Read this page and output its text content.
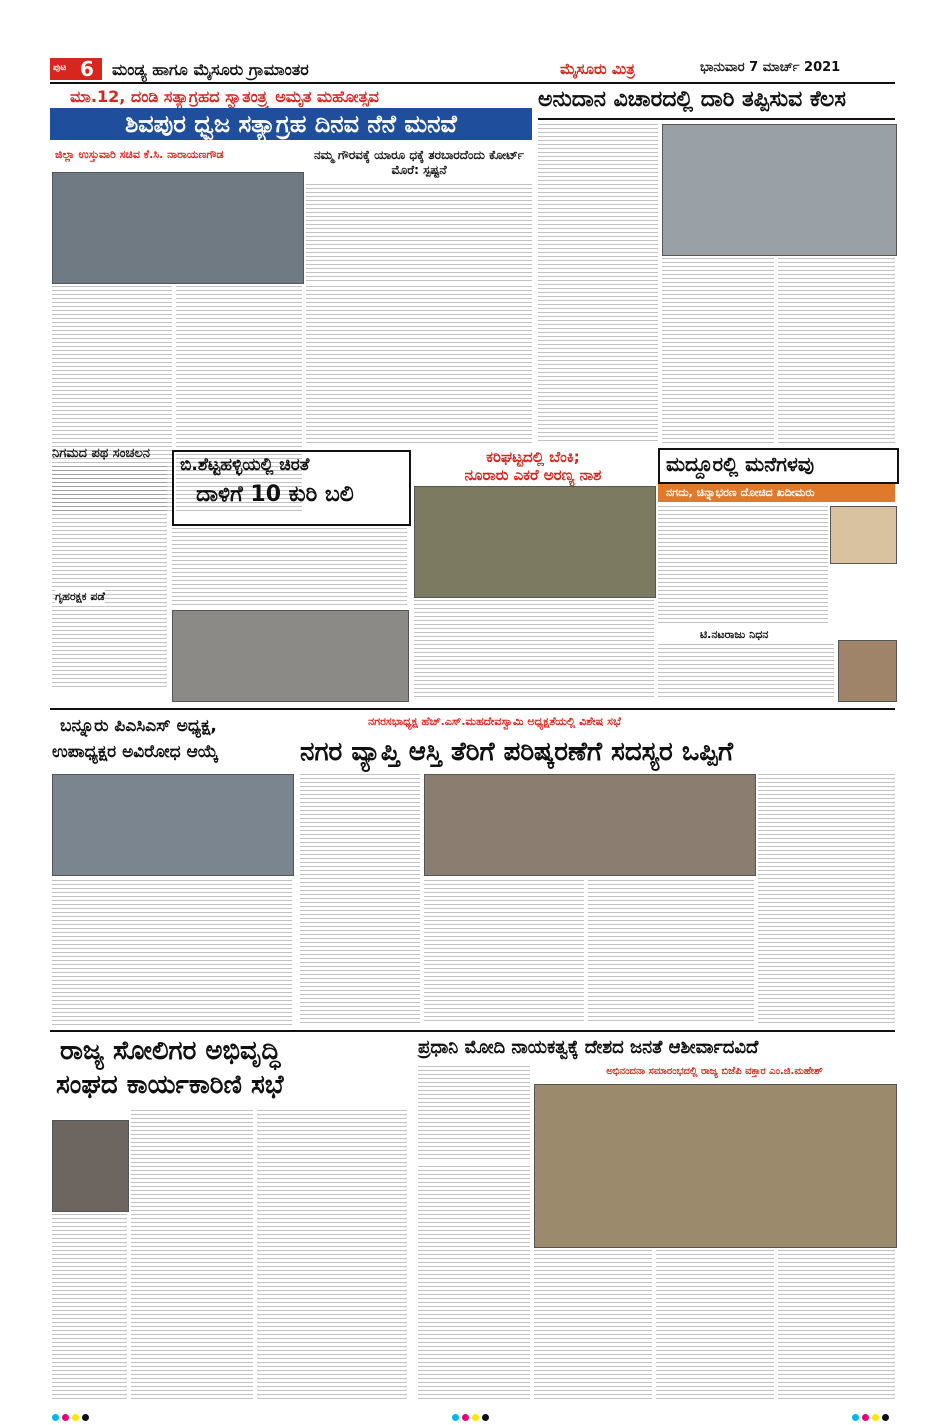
ಪುಟ 6 ಮಂಡ್ಯ ಹಾಗೂ ಮೈಸೂರು ಗ್ರಾಮಾಂತರ	ಮೈಸೂರು ಮಿತ್ರ	ಭಾನುವಾರ 7 ಮಾರ್ಚ್ 2021
ಮಾ.12, ದಂಡಿ ಸತ್ಯಾಗ್ರಹದ ಸ್ವಾತಂತ್ರ್ಯ ಅಮೃತ ಮಹೋತ್ಸವ
ಶಿವಪುರ ಧ್ವಜ ಸತ್ಯಾಗ್ರಹ ದಿನವ ನೆನೆ ಮನವೆ
ಜಿಲ್ಲಾ ಉಸ್ತುವಾರಿ ಸಚಿವ ಕೆ.ಸಿ. ನಾರಾಯಣಗೌಡ	ನಮ್ಮ ಗೌರವಕ್ಕೆ ಯಾರೂ ಧಕ್ಕೆ ತರಬಾರದೆಂದು ಕೋರ್ಟ್ ಮೊರೆ: ಸ್ಪಷ್ಟನೆ
ಅನುದಾನ ವಿಚಾರದಲ್ಲಿ ದಾರಿ ತಪ್ಪಿಸುವ ಕೆಲಸ
ನಿಗಮದ ಪಥ ಸಂಚಲನ
ಗೃಹರಕ್ಷಕ ಪಡೆ
ಬಿ.ಶೆಟ್ಟಹಳ್ಳಿಯಲ್ಲಿ ಚಿರತೆ
ದಾಳಿಗೆ 10 ಕುರಿ ಬಲಿ
ಕರಿಘಟ್ಟದಲ್ಲಿ ಬೆಂಕಿ;
ನೂರಾರು ಎಕರೆ ಅರಣ್ಯ ನಾಶ	ಮದ್ದೂರಲ್ಲಿ ಮನೆಗಳವು
ನಗದು, ಚಿನ್ನಾಭರಣ ದೋಚಿದ ಖದೀಮರು
ಟಿ.ನಟರಾಜು ನಿಧನ
ಬನ್ನೂರು ಪಿಎಸಿಎಸ್ ಅಧ್ಯಕ್ಷ,
ಉಪಾಧ್ಯಕ್ಷರ ಅವಿರೋಧ ಆಯ್ಕೆ
ನಗರಸಭಾಧ್ಯಕ್ಷ ಹೆಚ್.ಎಸ್.ಮಹದೇವಸ್ವಾಮಿ ಅಧ್ಯಕ್ಷತೆಯಲ್ಲಿ ವಿಶೇಷ ಸಭೆ
ನಗರ ವ್ಯಾಪ್ತಿ ಆಸ್ತಿ ತೆರಿಗೆ ಪರಿಷ್ಕರಣೆಗೆ ಸದಸ್ಯರ ಒಪ್ಪಿಗೆ
ರಾಜ್ಯ ಸೋಲಿಗರ ಅಭಿವೃದ್ಧಿ
ಸಂಘದ ಕಾರ್ಯಕಾರಿಣಿ ಸಭೆ
ಪ್ರಧಾನಿ ಮೋದಿ ನಾಯಕತ್ವಕ್ಕೆ ದೇಶದ ಜನತೆ ಆಶೀರ್ವಾದವಿದೆ
ಅಭಿನಂದನಾ ಸಮಾರಂಭದಲ್ಲಿ ರಾಜ್ಯ ಬಿಜೆಪಿ ವಕ್ತಾರ ಎಂ.ಜಿ.ಮಹೇಶ್
